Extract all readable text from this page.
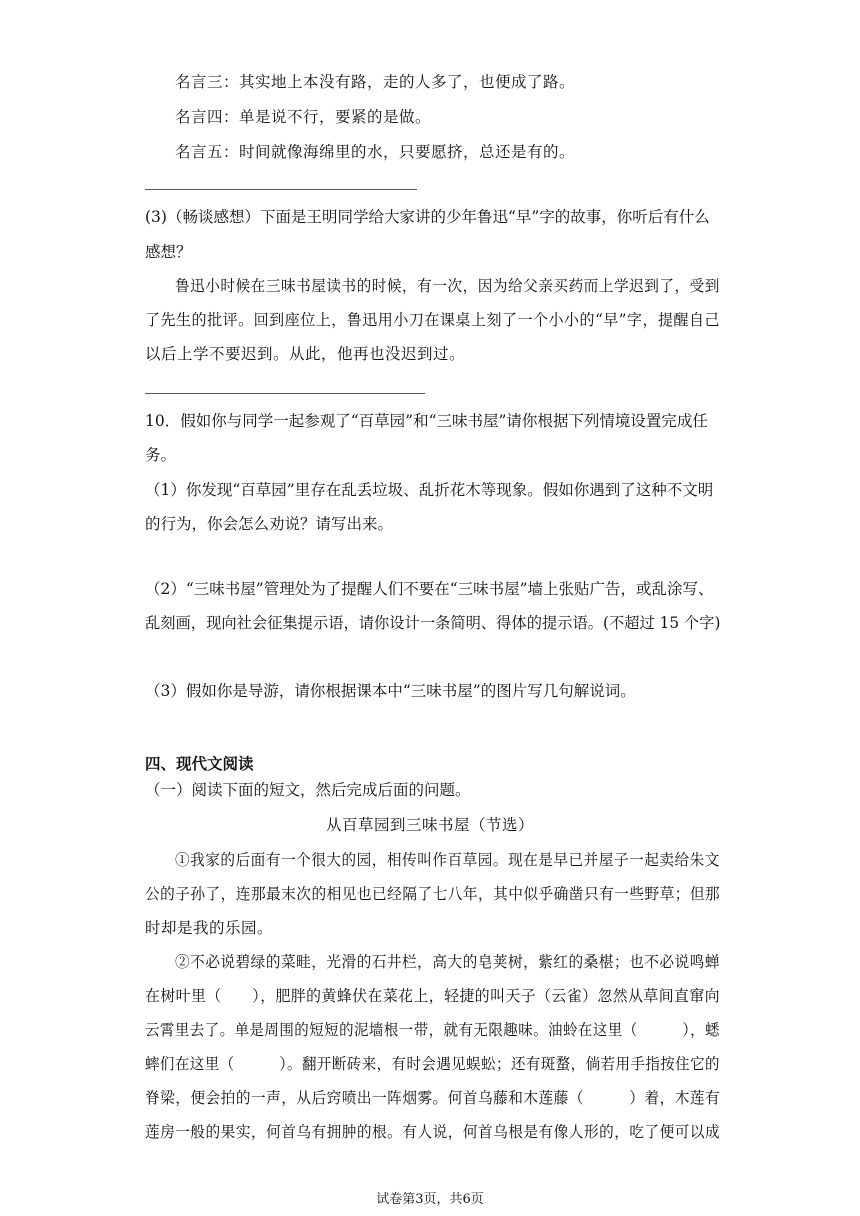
名言三：其实地上本没有路，走的人多了，也便成了路。
名言四：单是说不行，要紧的是做。
名言五：时间就像海绵里的水，只要愿挤，总还是有的。
(3)（畅谈感想）下面是王明同学给大家讲的少年鲁迅“早”字的故事，你听后有什么
感想？
鲁迅小时候在三味书屋读书的时候，有一次，因为给父亲买药而上学迟到了，受到
了先生的批评。回到座位上，鲁迅用小刀在课桌上刻了一个小小的“早”字，提醒自己
以后上学不要迟到。从此，他再也没迟到过。
10．假如你与同学一起参观了“百草园”和“三味书屋”请你根据下列情境设置完成任
务。
（1）你发现“百草园”里存在乱丢垃圾、乱折花木等现象。假如你遇到了这种不文明
的行为，你会怎么劝说？请写出来。
（2）“三味书屋”管理处为了提醒人们不要在“三味书屋”墙上张贴广告，或乱涂写、
乱刻画，现向社会征集提示语，请你设计一条简明、得体的提示语。(不超过 15 个字)
（3）假如你是导游，请你根据课本中“三味书屋”的图片写几句解说词。
四、现代文阅读
（一）阅读下面的短文，然后完成后面的问题。
从百草园到三味书屋（节选）
①我家的后面有一个很大的园，相传叫作百草园。现在是早已并屋子一起卖给朱文
公的子孙了，连那最末次的相见也已经隔了七八年，其中似乎确凿只有一些野草；但那
时却是我的乐园。
②不必说碧绿的菜畦，光滑的石井栏，高大的皂荚树，紫红的桑椹；也不必说鸣蝉
在树叶里（　　），肥胖的黄蜂伏在菜花上，轻捷的叫天子（云雀）忽然从草间直窜向
云霄里去了。单是周围的短短的泥墙根一带，就有无限趣味。油蛉在这里（　　　），蟋
蟀们在这里（　　　）。翻开断砖来，有时会遇见蜈蚣；还有斑蝥，倘若用手指按住它的
脊梁，便会拍的一声，从后窍喷出一阵烟雾。何首乌藤和木莲藤（　　　）着，木莲有
莲房一般的果实，何首乌有拥肿的根。有人说，何首乌根是有像人形的，吃了便可以成
试卷第3页，共6页
